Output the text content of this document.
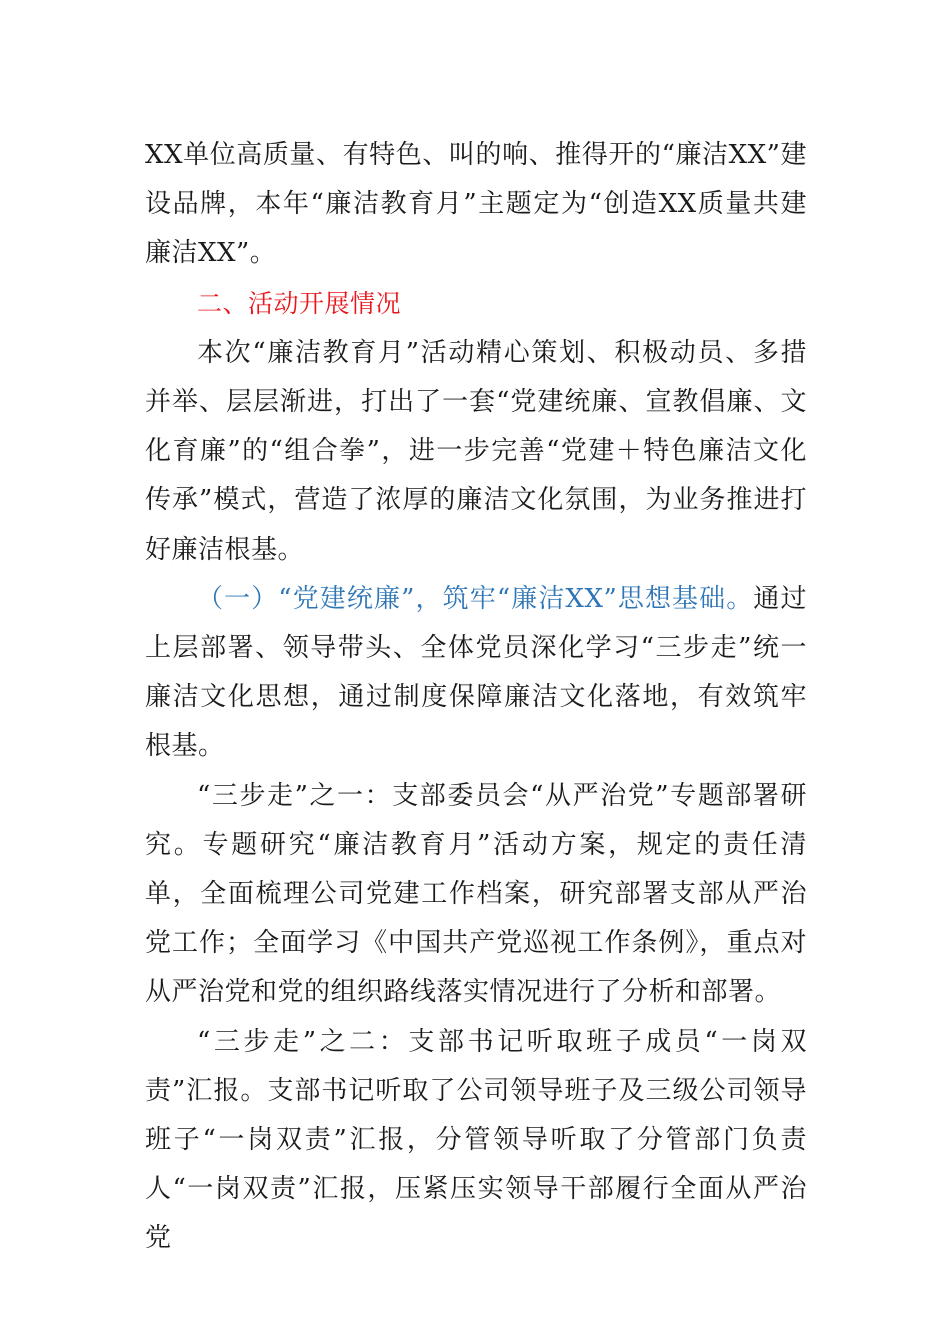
XX单位高质量、有特色、叫的响、推得开的“廉洁XX”建设品牌，本年“廉洁教育月”主题定为“创造XX质量共建廉洁XX”。

二、活动开展情况

本次“廉洁教育月”活动精心策划、积极动员、多措并举、层层渐进，打出了一套“党建统廉、宣教倡廉、文化育廉”的“组合拳”，进一步完善“党建＋特色廉洁文化传承”模式，营造了浓厚的廉洁文化氛围，为业务推进打好廉洁根基。

（一）“党建统廉”，筑牢“廉洁XX”思想基础。通过上层部署、领导带头、全体党员深化学习“三步走”统一廉洁文化思想，通过制度保障廉洁文化落地，有效筑牢根基。

“三步走”之一：支部委员会“从严治党”专题部署研究。专题研究“廉洁教育月”活动方案，规定的责任清单，全面梳理公司党建工作档案，研究部署支部从严治党工作；全面学习《中国共产党巡视工作条例》，重点对从严治党和党的组织路线落实情况进行了分析和部署。

“三步走”之二：支部书记听取班子成员“一岗双责”汇报。支部书记听取了公司领导班子及三级公司领导班子“一岗双责”汇报，分管领导听取了分管部门负责人“一岗双责”汇报，压紧压实领导干部履行全面从严治党
